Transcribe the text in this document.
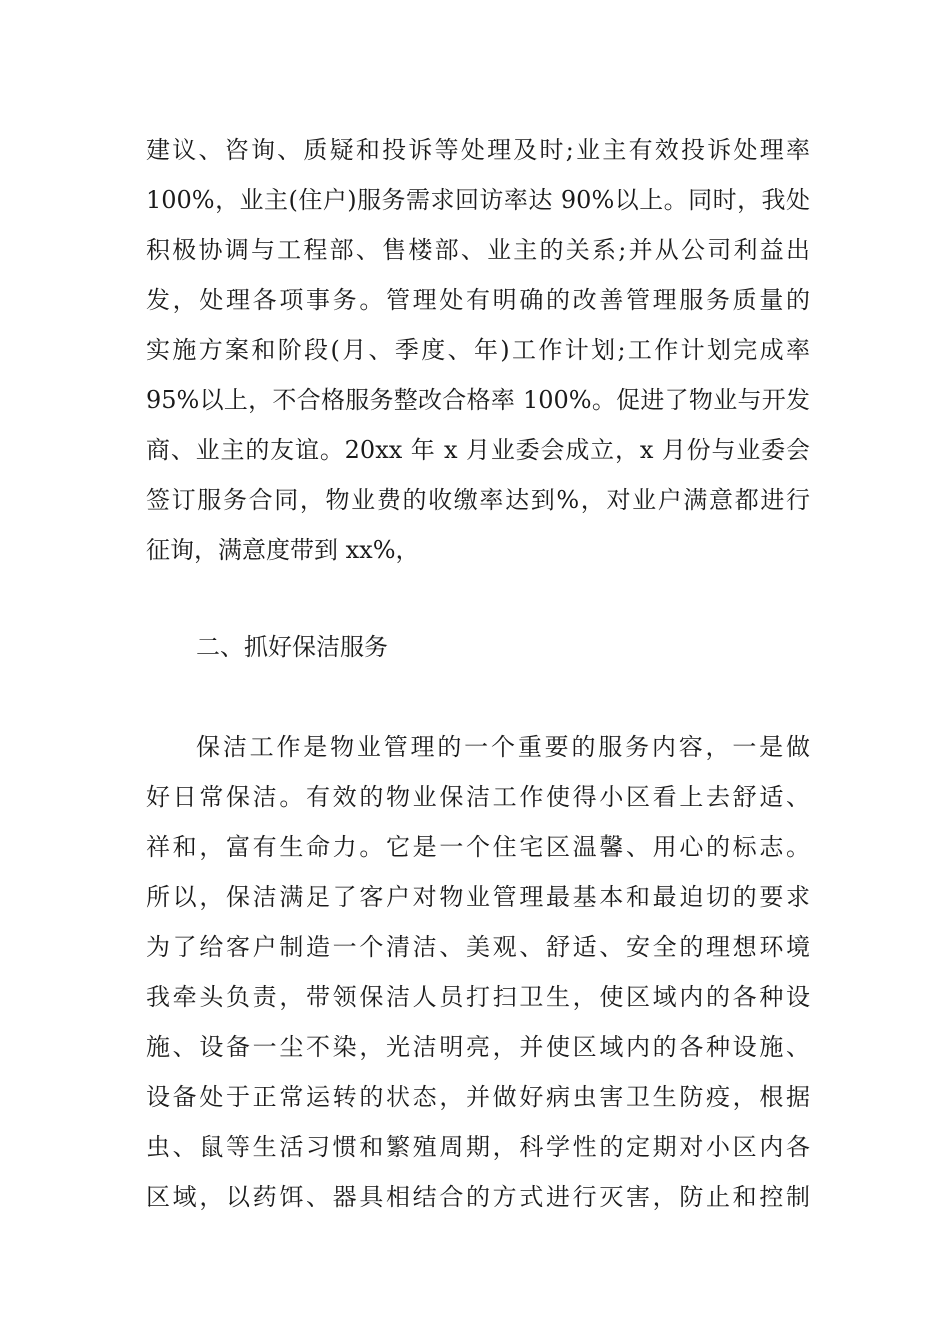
建议、咨询、质疑和投诉等处理及时;业主有效投诉处理率
100%，业主(住户)服务需求回访率达 90%以上。同时，我处
积极协调与工程部、售楼部、业主的关系;并从公司利益出
发，处理各项事务。管理处有明确的改善管理服务质量的
实施方案和阶段(月、季度、年)工作计划;工作计划完成率
95%以上，不合格服务整改合格率 100%。促进了物业与开发
商、业主的友谊。20xx 年 x 月业委会成立，x 月份与业委会
签订服务合同，物业费的收缴率达到%，对业户满意都进行
征询，满意度带到 xx%，
二、抓好保洁服务
保洁工作是物业管理的一个重要的服务内容，一是做
好日常保洁。有效的物业保洁工作使得小区看上去舒适、
祥和，富有生命力。它是一个住宅区温馨、用心的标志。
所以，保洁满足了客户对物业管理最基本和最迫切的要求
为了给客户制造一个清洁、美观、舒适、安全的理想环境
我牵头负责，带领保洁人员打扫卫生，使区域内的各种设
施、设备一尘不染，光洁明亮，并使区域内的各种设施、
设备处于正常运转的状态，并做好病虫害卫生防疫，根据
虫、鼠等生活习惯和繁殖周期，科学性的定期对小区内各
区域，以药饵、器具相结合的方式进行灭害，防止和控制
